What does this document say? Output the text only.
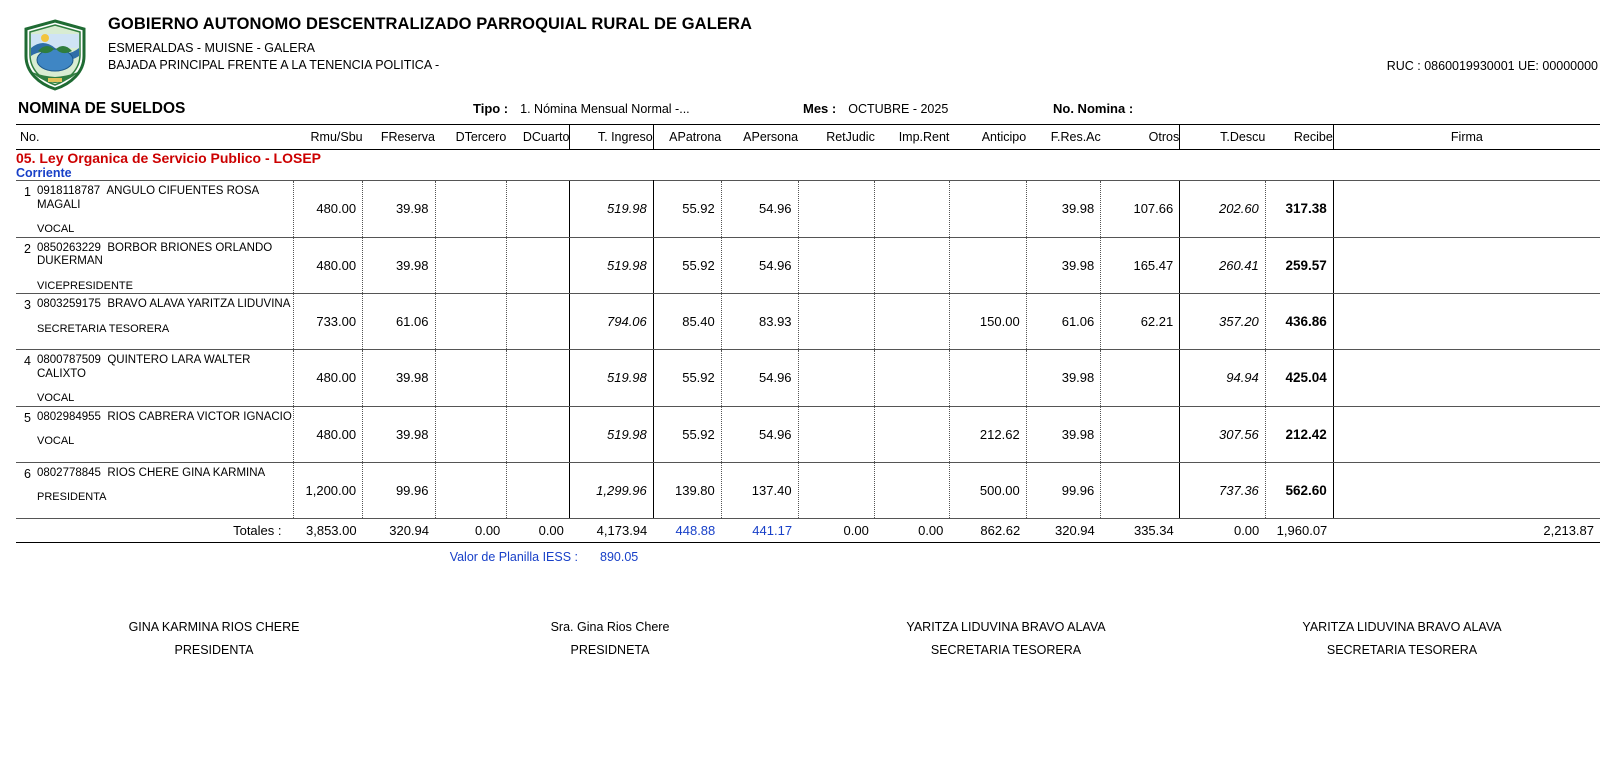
GOBIERNO AUTONOMO DESCENTRALIZADO PARROQUIAL RURAL DE GALERA
ESMERALDAS - MUISNE - GALERA
BAJADA PRINCIPAL FRENTE A LA TENENCIA POLITICA -	RUC : 0860019930001 UE: 00000000
NOMINA DE SUELDOS	Tipo : 1. Nómina Mensual Normal -...	Mes : OCTUBRE - 2025	No. Nomina :
No.	Rmu/Sbu	FReserva	DTercero	DCuarto	T. Ingreso	APatrona	APersona	RetJudic	Imp.Rent	Anticipo	F.Res.Ac	Otros	T.Descu	Recibe	Firma
05. Ley Organica de Servicio Publico - LOSEP															
Corriente															

1 0918118787 ANGULO CIFUENTES ROSA MAGALI
VOCAL	480.00	39.98			519.98	55.92	54.96				39.98	107.66	202.60	317.38	

2 0850263229 BORBOR BRIONES ORLANDO DUKERMAN
VICEPRESIDENTE	480.00	39.98			519.98	55.92	54.96				39.98	165.47	260.41	259.57	

3 0803259175 BRAVO ALAVA YARITZA LIDUVINA
SECRETARIA TESORERA	733.00	61.06			794.06	85.40	83.93			150.00	61.06	62.21	357.20	436.86	

4 0800787509 QUINTERO LARA WALTER CALIXTO
VOCAL	480.00	39.98			519.98	55.92	54.96				39.98		94.94	425.04	

5 0802984955 RIOS CABRERA VICTOR IGNACIO
VOCAL	480.00	39.98			519.98	55.92	54.96			212.62	39.98		307.56	212.42	

6 0802778845 RIOS CHERE GINA KARMINA
PRESIDENTA	1,200.00	99.96			1,299.96	139.80	137.40			500.00	99.96		737.36	562.60	
Totales :	3,853.00	320.94	0.00	0.00	4,173.94	448.88	441.17	0.00	0.00	862.62	320.94	335.34	0.00	1,960.07	2,213.87
Valor de Planilla IESS :	890.05
GINA KARMINA RIOS CHERE
PRESIDENTA
Sra. Gina Rios Chere
PRESIDNETA
YARITZA LIDUVINA BRAVO ALAVA
SECRETARIA TESORERA
YARITZA LIDUVINA BRAVO ALAVA
SECRETARIA TESORERA
